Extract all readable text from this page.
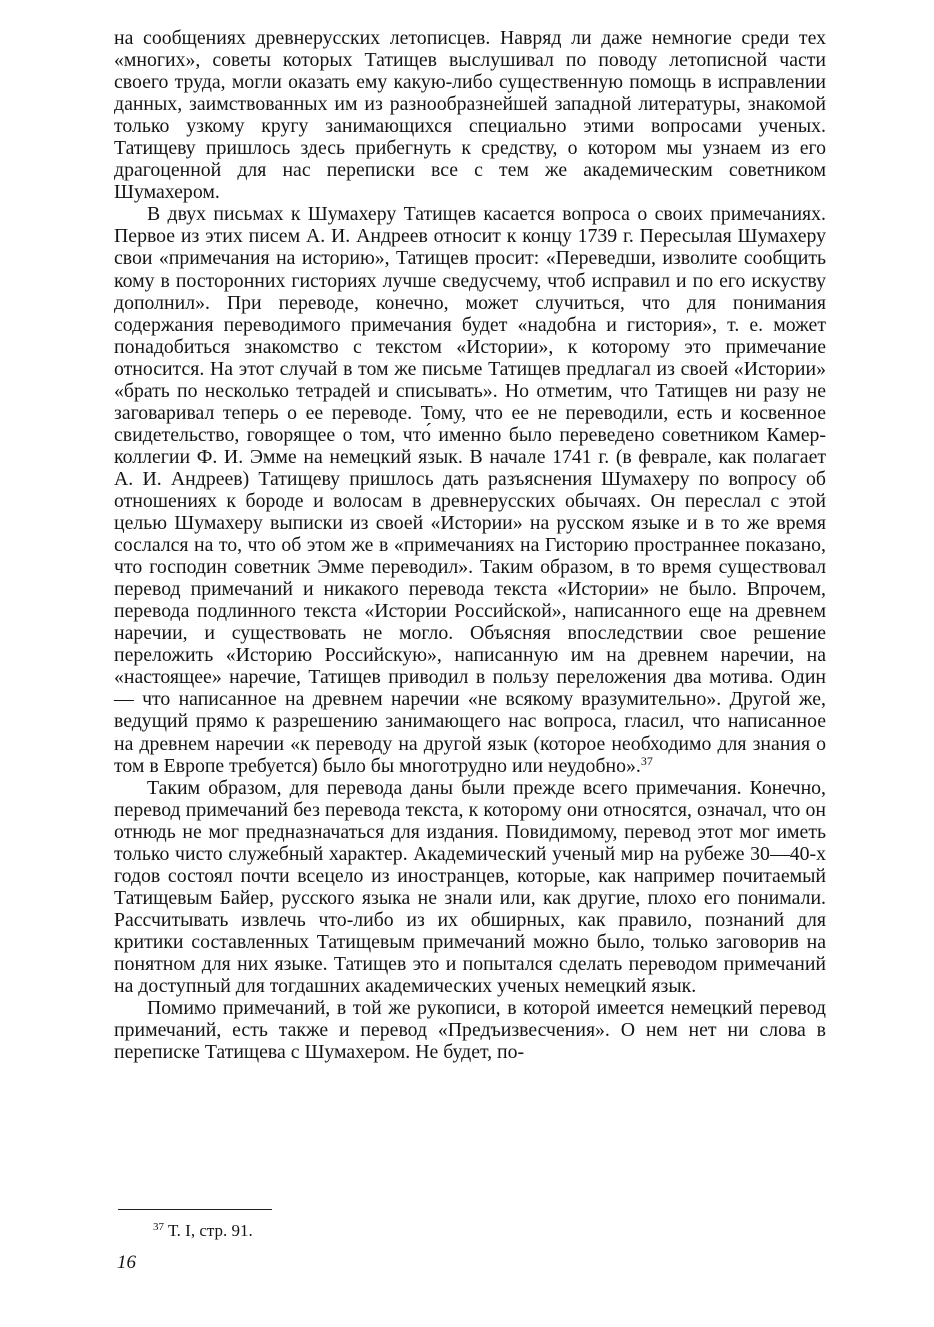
на сообщениях древнерусских летописцев. Навряд ли даже немногие среди тех «многих», советы которых Татищев выслушивал по поводу летописной части своего труда, могли оказать ему какую-либо существенную помощь в исправлении данных, заимствованных им из разнообразнейшей западной литературы, знакомой только узкому кругу занимающихся специально этими вопросами ученых. Татищеву пришлось здесь прибегнуть к средству, о котором мы узнаем из его драгоценной для нас переписки все с тем же академическим советником Шумахером.

В двух письмах к Шумахеру Татищев касается вопроса о своих примечаниях. Первое из этих писем А. И. Андреев относит к концу 1739 г. Пересылая Шумахеру свои «примечания на историю», Татищев просит: «Переведши, изволите сообщить кому в посторонних гисториях лучше сведусчему, чтоб исправил и по его искуству дополнил». При переводе, конечно, может случиться, что для понимания содержания переводимого примечания будет «надобна и гистория», т. е. может понадобиться знакомство с текстом «Истории», к которому это примечание относится. На этот случай в том же письме Татищев предлагал из своей «Истории» «брать по несколько тетрадей и списывать». Но отметим, что Татищев ни разу не заговаривал теперь о ее переводе. Тому, что ее не переводили, есть и косвенное свидетельство, говорящее о том, что́ именно было переведено советником Камер-коллегии Ф. И. Эмме на немецкий язык. В начале 1741 г. (в феврале, как полагает А. И. Андреев) Татищеву пришлось дать разъяснения Шумахеру по вопросу об отношениях к бороде и волосам в древнерусских обычаях. Он переслал с этой целью Шумахеру выписки из своей «Истории» на русском языке и в то же время сослался на то, что об этом же в «примечаниях на Гисторию пространнее показано, что господин советник Эмме переводил». Таким образом, в то время существовал перевод примечаний и никакого перевода текста «Истории» не было. Впрочем, перевода подлинного текста «Истории Российской», написанного еще на древнем наречии, и существовать не могло. Объясняя впоследствии свое решение переложить «Историю Российскую», написанную им на древнем наречии, на «настоящее» наречие, Татищев приводил в пользу переложения два мотива. Один — что написанное на древнем наречии «не всякому вразумительно». Другой же, ведущий прямо к разрешению занимающего нас вопроса, гласил, что написанное на древнем наречии «к переводу на другой язык (которое необходимо для знания о том в Европе требуется) было бы многотрудно или неудобно».$^{37}$

Таким образом, для перевода даны были прежде всего примечания. Конечно, перевод примечаний без перевода текста, к которому они относятся, означал, что он отнюдь не мог предназначаться для издания. Повидимому, перевод этот мог иметь только чисто служебный характер. Академический ученый мир на рубеже 30—40-х годов состоял почти всецело из иностранцев, которые, как например почитаемый Татищевым Байер, русского языка не знали или, как другие, плохо его понимали. Рассчитывать извлечь что-либо из их обширных, как правило, познаний для критики составленных Татищевым примечаний можно было, только заговорив на понятном для них языке. Татищев это и попытался сделать переводом примечаний на доступный для тогдашних академических ученых немецкий язык.

Помимо примечаний, в той же рукописи, в которой имеется немецкий перевод примечаний, есть также и перевод «Предъизвесчения». О нем нет ни слова в переписке Татищева с Шумахером. Не будет, по-

$^{37}$ Т. I, стр. 91.
16
